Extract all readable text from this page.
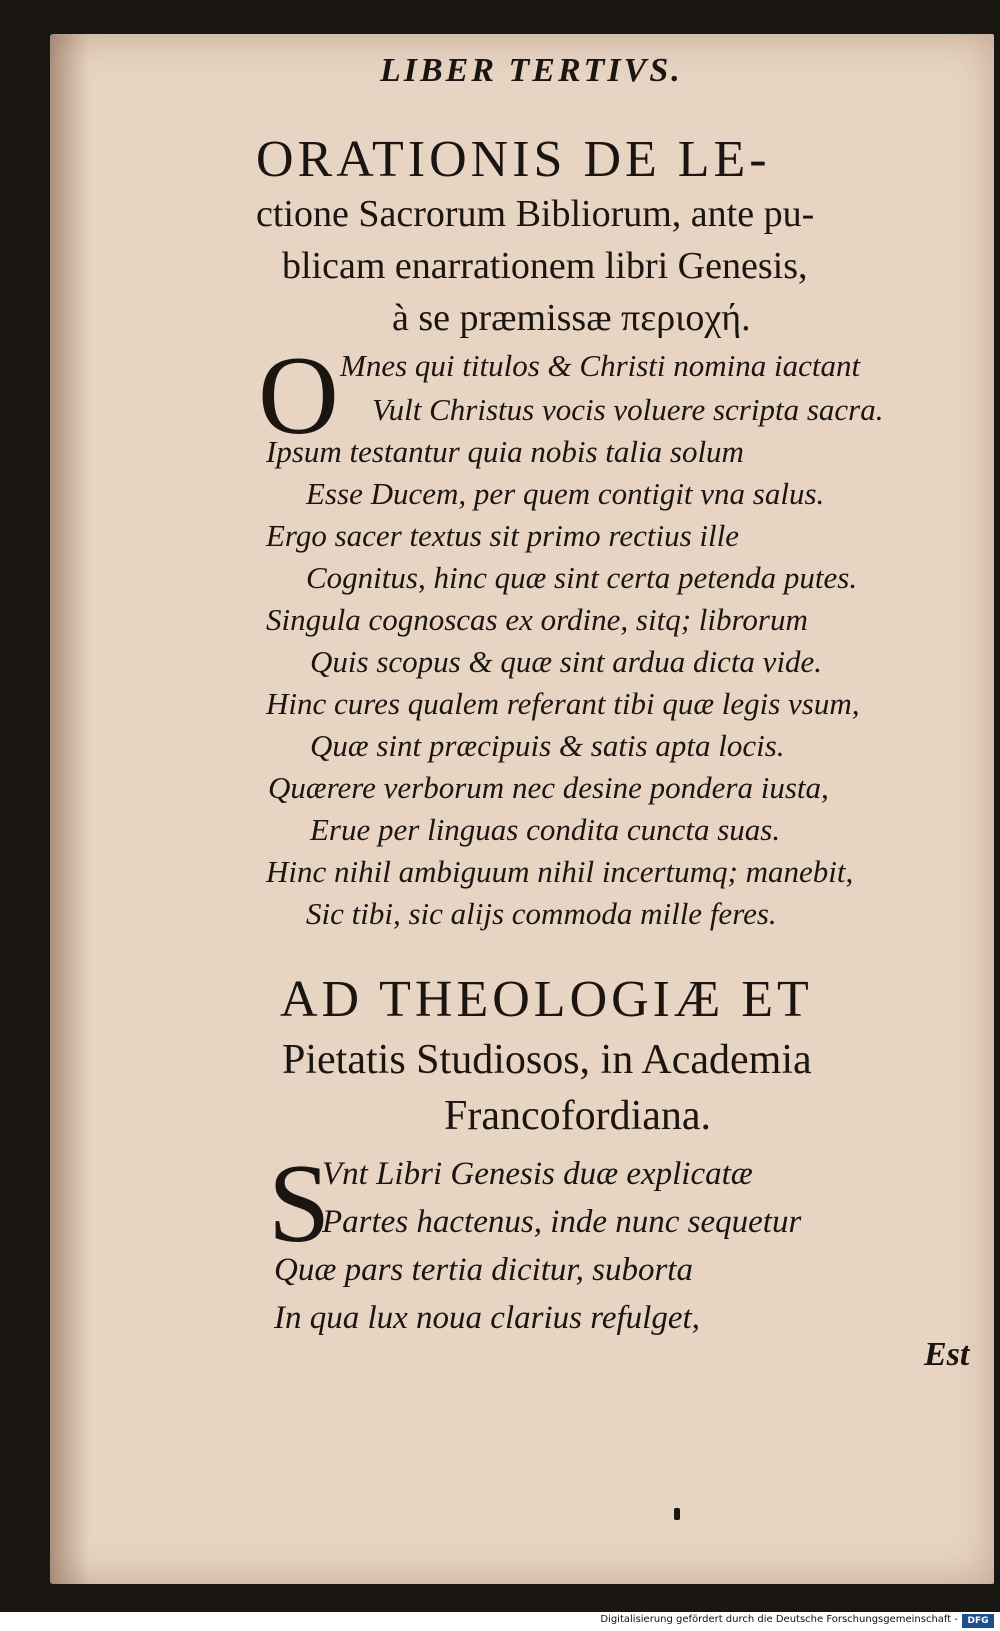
LIBER TERTIVS.
ORATIONIS DE LE-
ctione Sacrorum Bibliorum, ante pu-
blicam enarrationem libri Genesis,
à se præmissæ περιοχή.
O Mnes qui titulos & Christi nomina iactant
Vult Christus vocis voluere scripta sacra.
Ipsum testantur quia nobis talia solum
Esse Ducem, per quem contigit vna salus.
Ergo sacer textus sit primo rectius ille
Cognitus, hinc quæ sint certa petenda putes.
Singula cognoscas ex ordine, sitq; librorum
Quis scopus & quæ sint ardua dicta vide.
Hinc cures qualem referant tibi quæ legis vsum,
Quæ sint præcipuis & satis apta locis.
Quærere verborum nec desine pondera iusta,
Erue per linguas condita cuncta suas.
Hinc nihil ambiguum nihil incertumq; manebit,
Sic tibi, sic alijs commoda mille feres.
AD THEOLOGIÆ ET
Pietatis Studiosos, in Academia
Francofordiana.
S
Vnt Libri Genesis duæ explicatæ
Partes hactenus, inde nunc sequetur
Quæ pars tertia dicitur, suborta
In qua lux noua clarius refulget,
Est
Digitalisierung gefördert durch die Deutsche Forschungsgemeinschaft -	DFG
